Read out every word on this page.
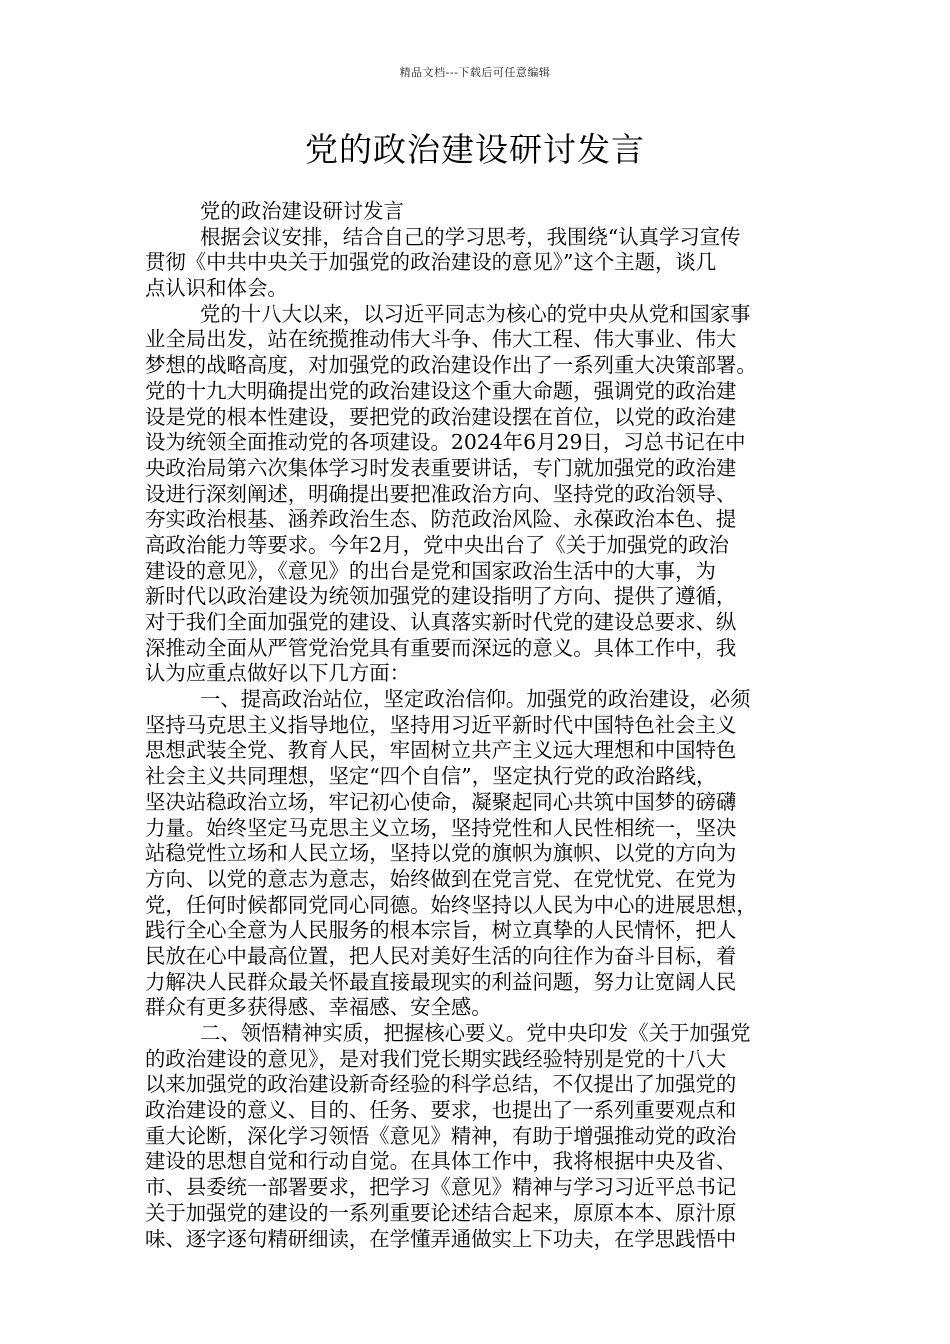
精品文档---下载后可任意编辑
党的政治建设研讨发言
党的政治建设研讨发言
根据会议安排，结合自己的学习思考，我围绕“认真学习宣传
贯彻《中共中央关于加强党的政治建设的意见》”这个主题，谈几
点认识和体会。
党的十八大以来，以习近平同志为核心的党中央从党和国家事
业全局出发，站在统揽推动伟大斗争、伟大工程、伟大事业、伟大
梦想的战略高度，对加强党的政治建设作出了一系列重大决策部署。
党的十九大明确提出党的政治建设这个重大命题，强调党的政治建
设是党的根本性建设，要把党的政治建设摆在首位，以党的政治建
设为统领全面推动党的各项建设。2024年6月29日，习总书记在中
央政治局第六次集体学习时发表重要讲话，专门就加强党的政治建
设进行深刻阐述，明确提出要把准政治方向、坚持党的政治领导、
夯实政治根基、涵养政治生态、防范政治风险、永葆政治本色、提
高政治能力等要求。今年2月，党中央出台了《关于加强党的政治
建设的意见》，《意见》的出台是党和国家政治生活中的大事，为
新时代以政治建设为统领加强党的建设指明了方向、提供了遵循，
对于我们全面加强党的建设、认真落实新时代党的建设总要求、纵
深推动全面从严管党治党具有重要而深远的意义。具体工作中，我
认为应重点做好以下几方面：
一、提高政治站位，坚定政治信仰。加强党的政治建设，必须
坚持马克思主义指导地位，坚持用习近平新时代中国特色社会主义
思想武装全党、教育人民，牢固树立共产主义远大理想和中国特色
社会主义共同理想，坚定“四个自信”，坚定执行党的政治路线，
坚决站稳政治立场，牢记初心使命，凝聚起同心共筑中国梦的磅礴
力量。始终坚定马克思主义立场，坚持党性和人民性相统一，坚决
站稳党性立场和人民立场，坚持以党的旗帜为旗帜、以党的方向为
方向、以党的意志为意志，始终做到在党言党、在党忧党、在党为
党，任何时候都同党同心同德。始终坚持以人民为中心的进展思想，
践行全心全意为人民服务的根本宗旨，树立真挚的人民情怀，把人
民放在心中最高位置，把人民对美好生活的向往作为奋斗目标，着
力解决人民群众最关怀最直接最现实的利益问题，努力让宽阔人民
群众有更多获得感、幸福感、安全感。
二、领悟精神实质，把握核心要义。党中央印发《关于加强党
的政治建设的意见》，是对我们党长期实践经验特别是党的十八大
以来加强党的政治建设新奇经验的科学总结，不仅提出了加强党的
政治建设的意义、目的、任务、要求，也提出了一系列重要观点和
重大论断，深化学习领悟《意见》精神，有助于增强推动党的政治
建设的思想自觉和行动自觉。在具体工作中，我将根据中央及省、
市、县委统一部署要求，把学习《意见》精神与学习习近平总书记
关于加强党的建设的一系列重要论述结合起来，原原本本、原汁原
味、逐字逐句精研细读，在学懂弄通做实上下功夫，在学思践悟中
